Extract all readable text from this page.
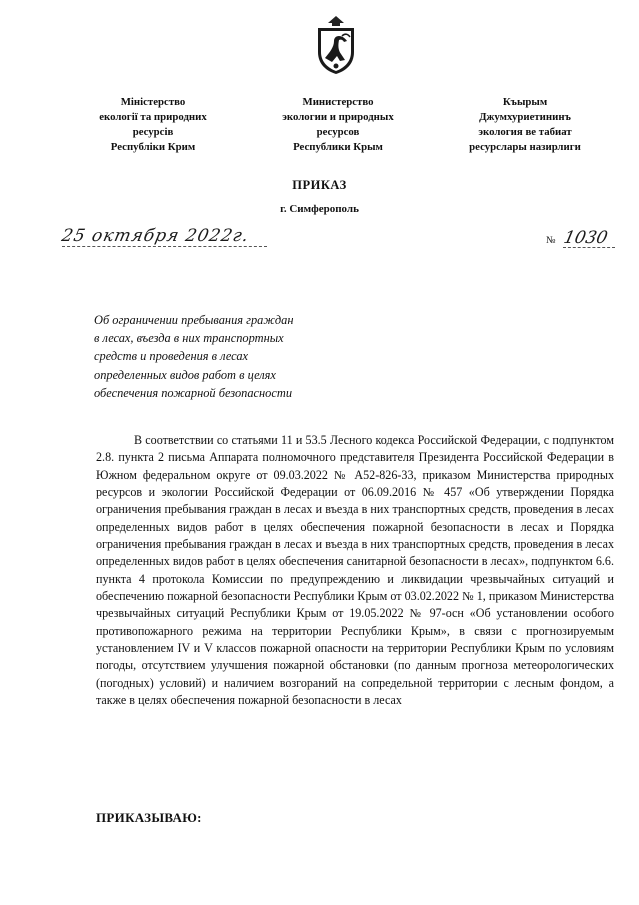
Міністерство
екології та природних
ресурсів
Республіки Крим
Министерство
экологии и природных
ресурсов
Республики Крым
Къырым
Джумхуриетининъ
экология ве табиат
ресурслары назирлиги
ПРИКАЗ
г. Симферополь
25 октября 2022г.	№ 1030
Об ограничении пребывания граждан
в лесах, въезда в них транспортных
средств и проведения в лесах
определенных видов работ в целях
обеспечения пожарной безопасности
В соответствии со статьями 11 и 53.5 Лесного кодекса Российской Федерации, с подпунктом 2.8. пункта 2 письма Аппарата полномочного представителя Президента Российской Федерации в Южном федеральном округе от 09.03.2022 № А52-826-33, приказом Министерства природных ресурсов и экологии Российской Федерации от 06.09.2016 № 457 «Об утверждении Порядка ограничения пребывания граждан в лесах и въезда в них транспортных средств, проведения в лесах определенных видов работ в целях обеспечения пожарной безопасности в лесах и Порядка ограничения пребывания граждан в лесах и въезда в них транспортных средств, проведения в лесах определенных видов работ в целях обеспечения санитарной безопасности в лесах», подпунктом 6.6. пункта 4 протокола Комиссии по предупреждению и ликвидации чрезвычайных ситуаций и обеспечению пожарной безопасности Республики Крым от 03.02.2022 № 1, приказом Министерства чрезвычайных ситуаций Республики Крым от 19.05.2022 № 97-осн «Об установлении особого противопожарного режима на территории Республики Крым», в связи с прогнозируемым установлением IV и V классов пожарной опасности на территории Республики Крым по условиям погоды, отсутствием улучшения пожарной обстановки (по данным прогноза метеорологических (погодных) условий) и наличием возгораний на сопредельной территории с лесным фондом, а также в целях обеспечения пожарной безопасности в лесах
ПРИКАЗЫВАЮ:
